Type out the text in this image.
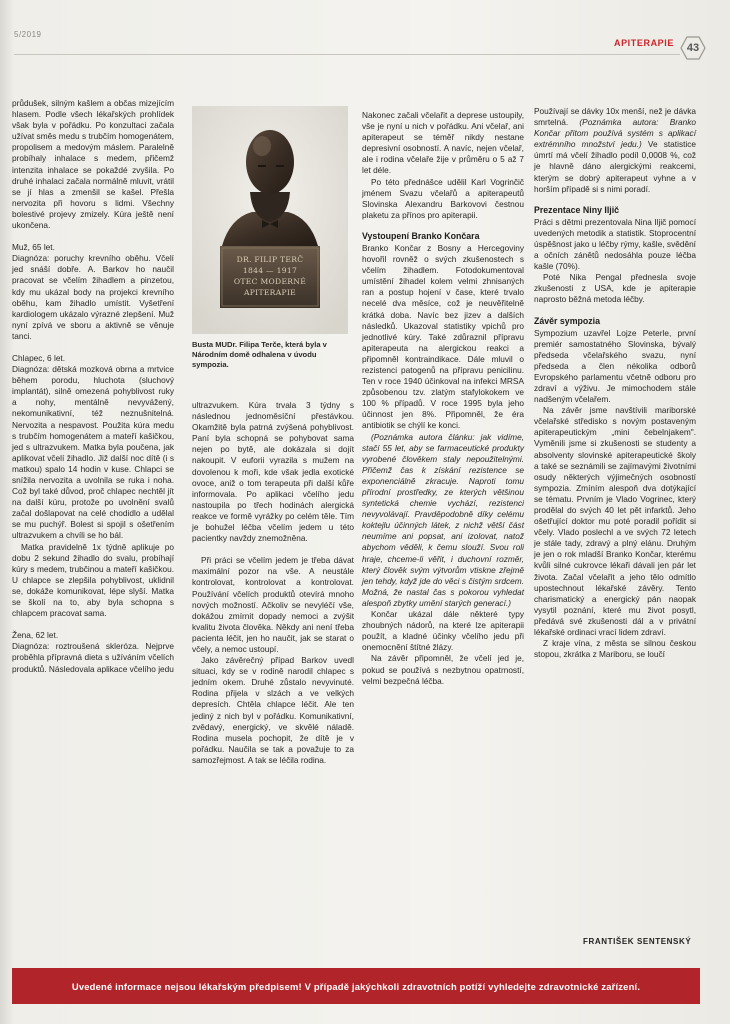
5/2019
APITERAPIE 43

průdušek, silným kašlem a občas mizejícím hlasem. Podle všech lékařských prohlídek však byla v pořádku. Po konzultaci začala užívat směs medu s trubčím homogenátem, propolisem a medovým máslem. Paralelně probíhaly inhalace s medem, přičemž intenzita inhalace se pokaždé zvyšila. Po druhé inhalaci začala normálně mluvit, vrátil se jí hlas a zmenšil se kašel. Přešla nervozita při hovoru s lidmi. Všechny bolestivé projevy zmizely. Kúra ještě není ukončena.

Muž, 65 let.

Diagnóza: poruchy krevního oběhu. Včelí jed snáší dobře. A. Barkov ho naučil pracovat se včelím žihadlem a pinzetou, kdy mu ukázal body na projekci krevního oběhu, kam žihadlo umístit. Vyšetření kardiologem ukázalo výrazné zlepšení. Muž nyní zpívá ve sboru a aktivně se věnuje tanci.

Chlapec, 6 let.

Diagnóza: dětská mozková obrna a mrtvice během porodu, hluchota (sluchový implantát), silně omezená pohyblivost ruky a nohy, mentálně nevyvážený, nekomunikativní, též neznušnitelná. Nervozita a nespavost. Použita kúra medu s trubčím homogenátem a mateří kašičkou, jed s ultrazvukem. Matka byla poučena, jak aplikovat včelí žihadlo. Již další noc dítě (i s matkou) spalo 14 hodin v kuse. Chlapci se snížila nervozita a uvolnila se ruka i noha. Což byl také důvod, proč chlapec nechtěl jít na další kúru, protože po uvolnění svalů začal došlapovat na celé chodidlo a udělal se mu puchýř. Bolest si spojil s ošetřením ultrazvukem a chvíli se ho bál.

Matka pravidelně 1x týdně aplikuje po dobu 2 sekund žihadlo do svalu, probíhají kúry s medem, trubčinou a mateří kašičkou. U chlapce se zlepšila pohyblivost, uklidnil se, dokáže komunikovat, lépe slyší. Matka se školí na to, aby byla schopna s chlapcem pracovat sama.

Žena, 62 let.

Diagnóza: roztroušená skleróza. Nejprve proběhla přípravná dieta s užíváním včelích produktů. Následovala aplikace včelího jedu

DR. FILIP TERČ
1844 — 1917
OTEC MODERNÉ
APITERAPIE
Busta MUDr. Filipa Terče, která byla v Národním domě odhalena v úvodu sympozia.

ultrazvukem. Kúra trvala 3 týdny s následnou jednoměsíční přestávkou. Okamžitě byla patrná zvýšená pohyblivost. Paní byla schopná se pohybovat sama nejen po bytě, ale dokázala si dojít nakoupit. V euforii vyrazila s mužem na dovolenou k moři, kde však jedla exotické ovoce, aniž o tom terapeuta při další kůře informovala. Po aplikaci včelího jedu nastoupila po třech hodinách alergická reakce ve formě vyrážky po celém těle. Tím je bohužel léčba včelím jedem u této pacientky navždy znemožněna.

Při práci se včelím jedem je třeba dávat maximální pozor na vše. A neustále kontrolovat, kontrolovat a kontrolovat. Používání včelích produktů otevírá mnoho nových možností. Ačkoliv se nevyléčí vše, dokážou zmírnit dopady nemoci a zvýšit kvalitu života člověka. Někdy ani není třeba pacienta léčit, jen ho naučit, jak se starat o včely, a nemoc ustoupí.

Jako závěrečný případ Barkov uvedl situaci, kdy se v rodině narodil chlapec s jedním okem. Druhé zůstalo nevyvinuté. Rodina přijela v slzách a ve velkých depresích. Chtěla chlapce léčit. Ale ten jediný z nich byl v pořádku. Komunikativní, zvědavý, energický, ve skvělé náladě. Rodina musela pochopit, že dítě je v pořádku. Naučila se tak a považuje to za samozřejmost. A tak se léčila rodina.

Nakonec začali včelařit a deprese ustoupily, vše je nyní u nich v pořádku. Ani včelař, ani apiterapeut se téměř nikdy nestane depresivní osobností. A navíc, nejen včelař, ale i rodina včelaře žije v průměru o 5 až 7 let déle.

Po této přednášce udělil Karl Vogrinčič jménem Svazu včelařů a apiterapeutů Slovinska Alexandru Barkovovi čestnou plaketu za přínos pro apiterapii.

Vystoupení Branko Končara

Branko Končar z Bosny a Hercegoviny hovořil rovněž o svých zkušenostech s včelím žihadlem. Fotodokumentoval umístění žihadel kolem velmi zhnisaných ran a postup hojení v čase, které trvalo necelé dva měsíce, což je neuvěřitelně krátká doba. Navíc bez jizev a dalších následků. Ukazoval statistiky vpichů pro jednotlivé kúry. Také zdůraznil přípravu apiterapeuta na alergickou reakci a připomněl kontraindikace. Dále mluvil o rezistenci patogenů na přípravu penicilinu. Ten v roce 1940 účinkoval na infekci MRSA způsobenou tzv. zlatým stafylokokem ve 100 % případů. V roce 1995 byla jeho účinnost jen 8%. Připomněl, že éra antibiotik se chýlí ke konci.

(Poznámka autora článku: jak vidíme, stačí 55 let, aby se farmaceutické produkty vyrobené člověkem staly nepoužitelnými. Přičemž čas k získání rezistence se exponenciálně zkracuje. Naproti tomu přírodní prostředky, ze kterých většinou syntetická chemie vychází, rezistenci nevyvolávají. Pravděpodobně díky celému koktejlu účinných látek, z nichž větší část neumíme ani popsat, ani izolovat, natož abychom věděli, k čemu slouží. Svou roli hraje, chceme-li věřit, i duchovní rozměr, který člověk svým výtvorům vtiskne zřejmě jen tehdy, když jde do věci s čistým srdcem. Možná, že nastal čas s pokorou vyhledat alespoň zbytky umění starých generací.)

Končar ukázal dále některé typy zhoubných nádorů, na které lze apiterapii použít, a kladné účinky včelího jedu při onemocnění štítné žlázy.

Na závěr připomněl, že včelí jed je, pokud se používá s nezbytnou opatrností, velmi bezpečná léčba.

Používají se dávky 10x menší, než je dávka smrtelná. (Poznámka autora: Branko Končar přitom používá systém s aplikací extrémního množství jedu.) Ve statistice úmrtí má včelí žihadlo podíl 0,0008 %, což je hlavně dáno alergickými reakcemi, kterým se dobrý apiterapeut vyhne a v horším případě si s nimi poradí.

Prezentace Niny Iljič

Práci s dětmi prezentovala Nina Iljič pomocí uvedených metodik a statistik. Stoprocentní úspěšnost jako u léčby rýmy, kašle, svědění a očních zánětů nedosáhla pouze léčba kašle (70%).

Poté Nika Pengal přednesla svoje zkušenosti z USA, kde je apiterapie naprosto běžná metoda léčby.

Závěr sympozia

Sympozium uzavřel Lojze Peterle, první premiér samostatného Slovinska, bývalý předseda včelařského svazu, nyní předseda a člen nékolika odborů Evropského parlamentu včetně odboru pro zdraví a výživu. Je mimochodem stále nadšeným včelařem.

Na závěr jsme navštívili mariborské včelařské středisko s novým postaveným apiterapeutickým „mini čebelnjakem". Vyměnili jsme si zkušenosti se studenty a absolventy slovinské apiterapeutické školy a také se seznámili se zajímavými životními osudy některých výjimečných osobností sympozia. Zmíním alespoň dva dotýkající se tématu. Prvním je Vlado Vogrinec, který prodělal do svých 40 let pět infarktů. Jeho ošetřující doktor mu poté poradil pořídit si včely. Vlado poslechl a ve svých 72 letech je stále tady, zdravý a plný elánu. Druhým je jen o rok mladší Branko Končar, kterému kvůli silné cukrovce lékaři dávali jen pár let života. Začal včelařit a jeho tělo odmítlo upostechnout lékařské závěry. Tento charismatický a energický pán naopak vysytil poznání, které mu život posytl, předává své zkušenosti dál a v privátní lékařské ordinaci vrací lidem zdraví.

Z kraje vína, z města se silnou českou stopou, zkrátka z Mariboru, se loučí

FRANTIŠEK SENTENSKÝ
Uvedené informace nejsou lékařským předpisem! V případě jakýchkoli zdravotních potíží vyhledejte zdravotnické zařízení.
